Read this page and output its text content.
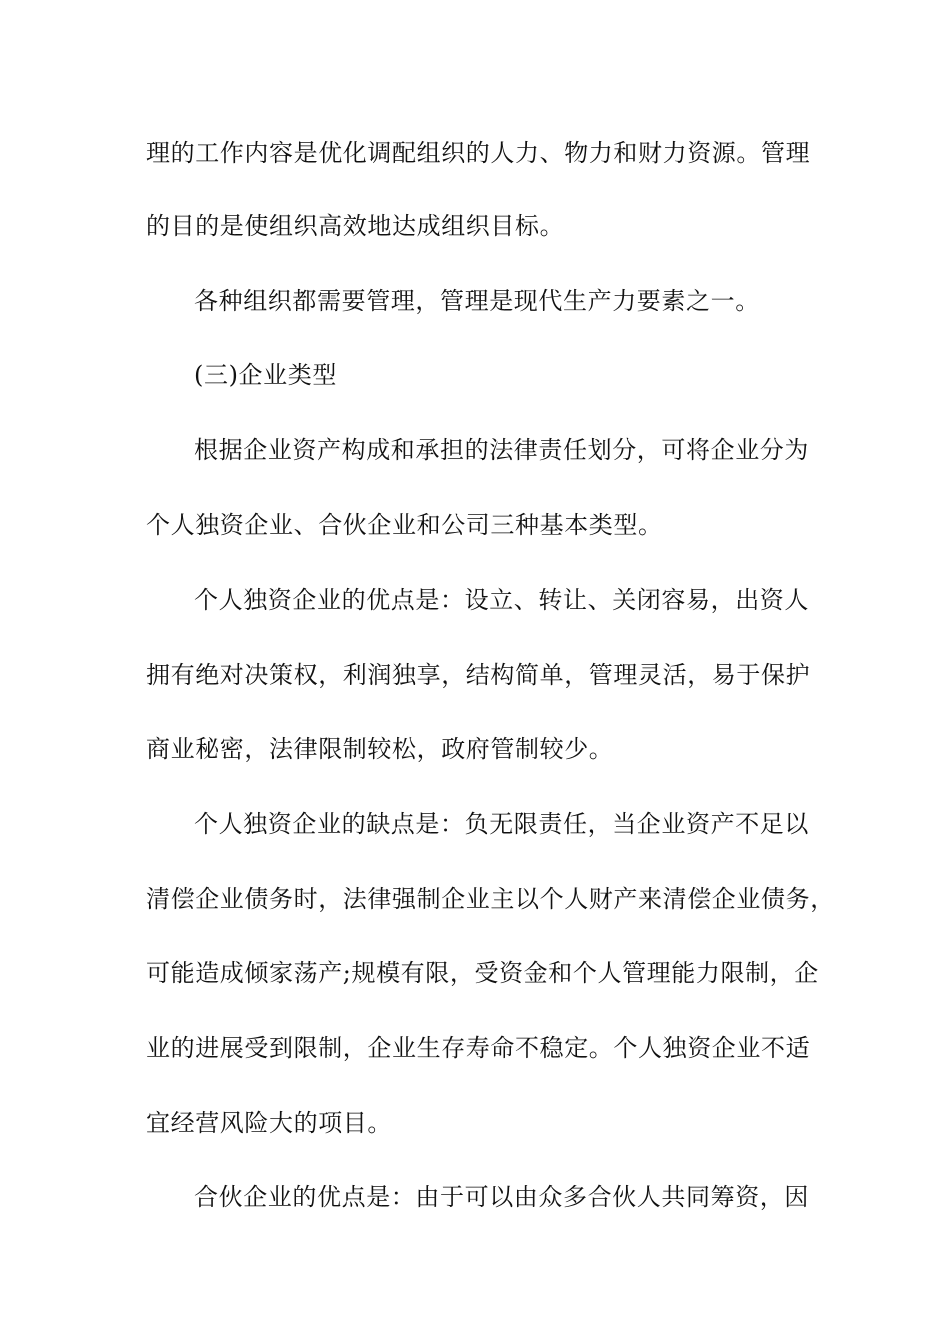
理的工作内容是优化调配组织的人力、物力和财力资源。管理
的目的是使组织高效地达成组织目标。
各种组织都需要管理，管理是现代生产力要素之一。
(三)企业类型
根据企业资产构成和承担的法律责任划分，可将企业分为
个人独资企业、合伙企业和公司三种基本类型。
个人独资企业的优点是：设立、转让、关闭容易，出资人
拥有绝对决策权，利润独享，结构简单，管理灵活，易于保护
商业秘密，法律限制较松，政府管制较少。
个人独资企业的缺点是：负无限责任，当企业资产不足以
清偿企业债务时，法律强制企业主以个人财产来清偿企业债务，
可能造成倾家荡产;规模有限，受资金和个人管理能力限制，企
业的进展受到限制，企业生存寿命不稳定。个人独资企业不适
宜经营风险大的项目。
合伙企业的优点是：由于可以由众多合伙人共同筹资，因
